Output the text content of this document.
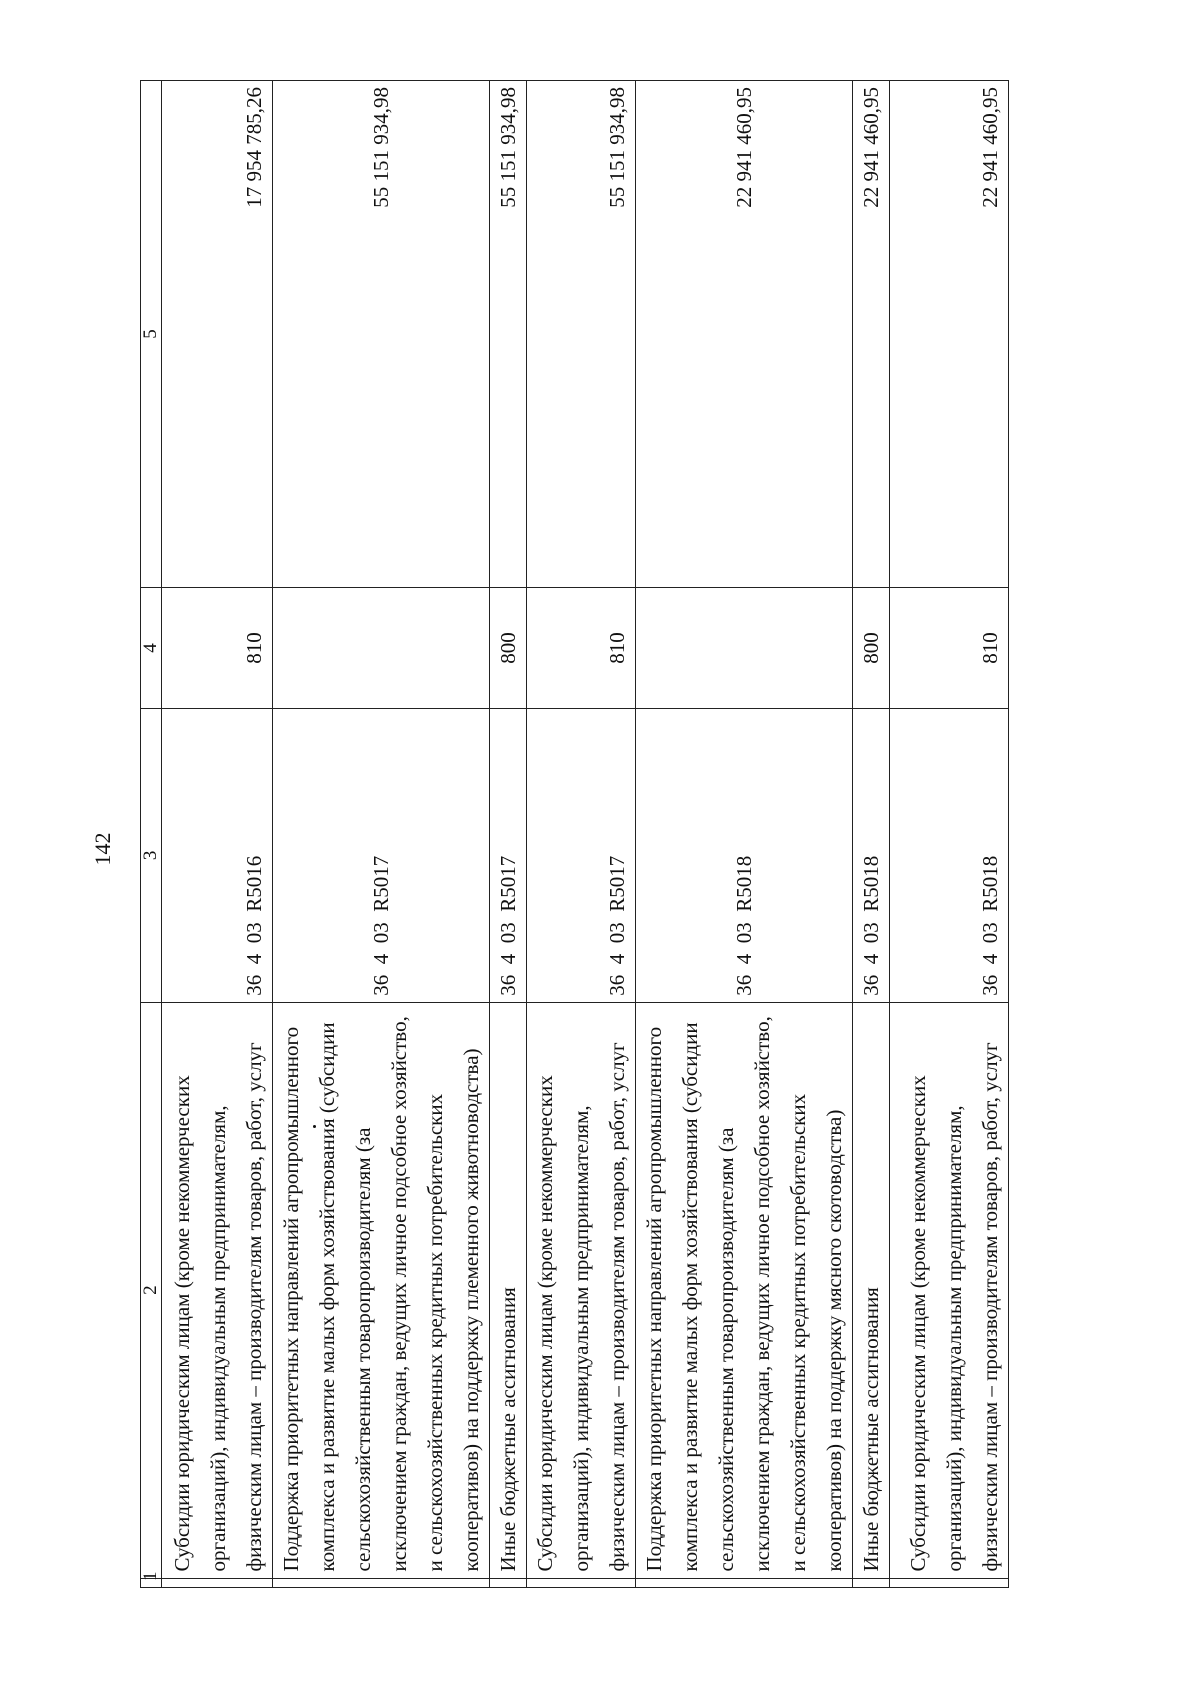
142
1	2	3	4	5
	Субсидии юридическим лицам (кроме некоммерческих организаций), индивидуальным предпринимателям, физическим лицам – производителям товаров, работ, услуг	36  4  03  R5016	810	17 954 785,26
	Поддержка приоритетных направлений агропромышленного комплекса и развитие малых форм хозяйствования (субсидии сельскохозяйственным товаропроизводителям (за исключением граждан, ведущих личное подсобное хозяйство, и сельскохозяйственных кредитных потребительских кооперативов) на поддержку племенного животноводства)	36  4  03  R5017		55 151 934,98
	Иные бюджетные ассигнования	36  4  03  R5017	800	55 151 934,98
	Субсидии юридическим лицам (кроме некоммерческих организаций), индивидуальным предпринимателям, физическим лицам – производителям товаров, работ, услуг	36  4  03  R5017	810	55 151 934,98
	Поддержка приоритетных направлений агропромышленного комплекса и развитие малых форм хозяйствования (субсидии сельскохозяйственным товаропроизводителям (за исключением граждан, ведущих личное подсобное хозяйство, и сельскохозяйственных кредитных потребительских кооперативов) на поддержку мясного скотоводства)	36  4  03  R5018		22 941 460,95
	Иные бюджетные ассигнования	36  4  03  R5018	800	22 941 460,95
	Субсидии юридическим лицам (кроме некоммерческих организаций), индивидуальным предпринимателям, физическим лицам – производителям товаров, работ, услуг	36  4  03  R5018	810	22 941 460,95
